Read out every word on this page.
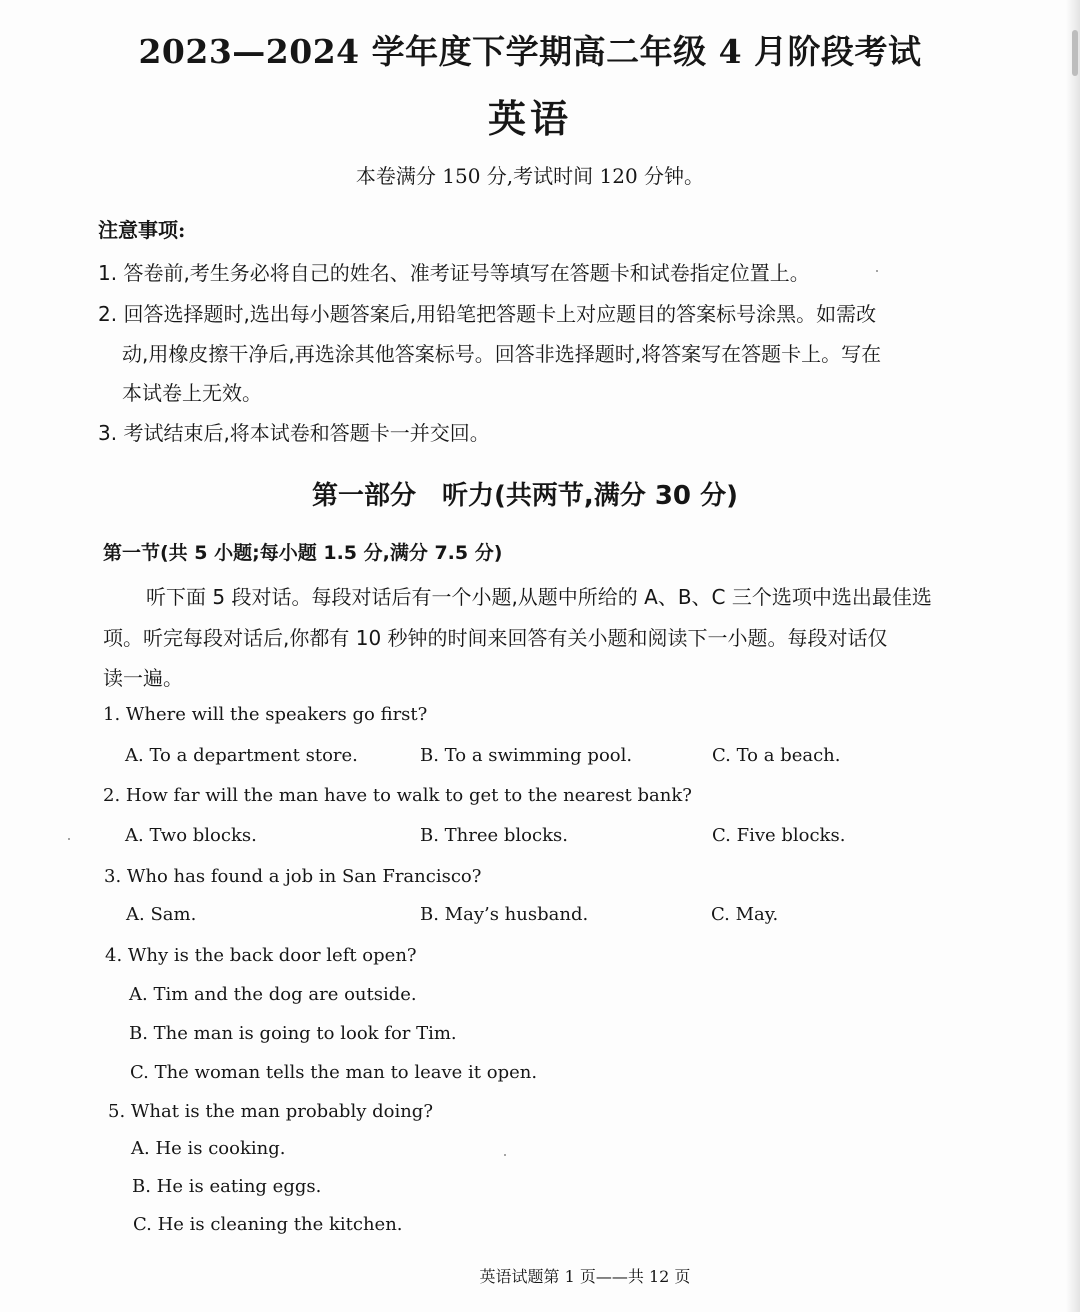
2023—2024 学年度下学期高二年级 4 月阶段考试
英语
本卷满分 150 分,考试时间 120 分钟。
注意事项:
1. 答卷前,考生务必将自己的姓名、准考证号等填写在答题卡和试卷指定位置上。
2. 回答选择题时,选出每小题答案后,用铅笔把答题卡上对应题目的答案标号涂黑。如需改
动,用橡皮擦干净后,再选涂其他答案标号。回答非选择题时,将答案写在答题卡上。写在
本试卷上无效。
3. 考试结束后,将本试卷和答题卡一并交回。
第一部分　听力(共两节,满分 30 分)
第一节(共 5 小题;每小题 1.5 分,满分 7.5 分)
听下面 5 段对话。每段对话后有一个小题,从题中所给的 A、B、C 三个选项中选出最佳选
项。听完每段对话后,你都有 10 秒钟的时间来回答有关小题和阅读下一小题。每段对话仅
读一遍。
1. Where will the speakers go first?
A. To a department store.	B. To a swimming pool.	C. To a beach.
2. How far will the man have to walk to get to the nearest bank?
A. Two blocks.	B. Three blocks.	C. Five blocks.
3. Who has found a job in San Francisco?
A. Sam.	B. May’s husband.	C. May.
4. Why is the back door left open?
A. Tim and the dog are outside.
B. The man is going to look for Tim.
C. The woman tells the man to leave it open.
5. What is the man probably doing?
A. He is cooking.
B. He is eating eggs.
C. He is cleaning the kitchen.
英语试题第 1 页——共 12 页
